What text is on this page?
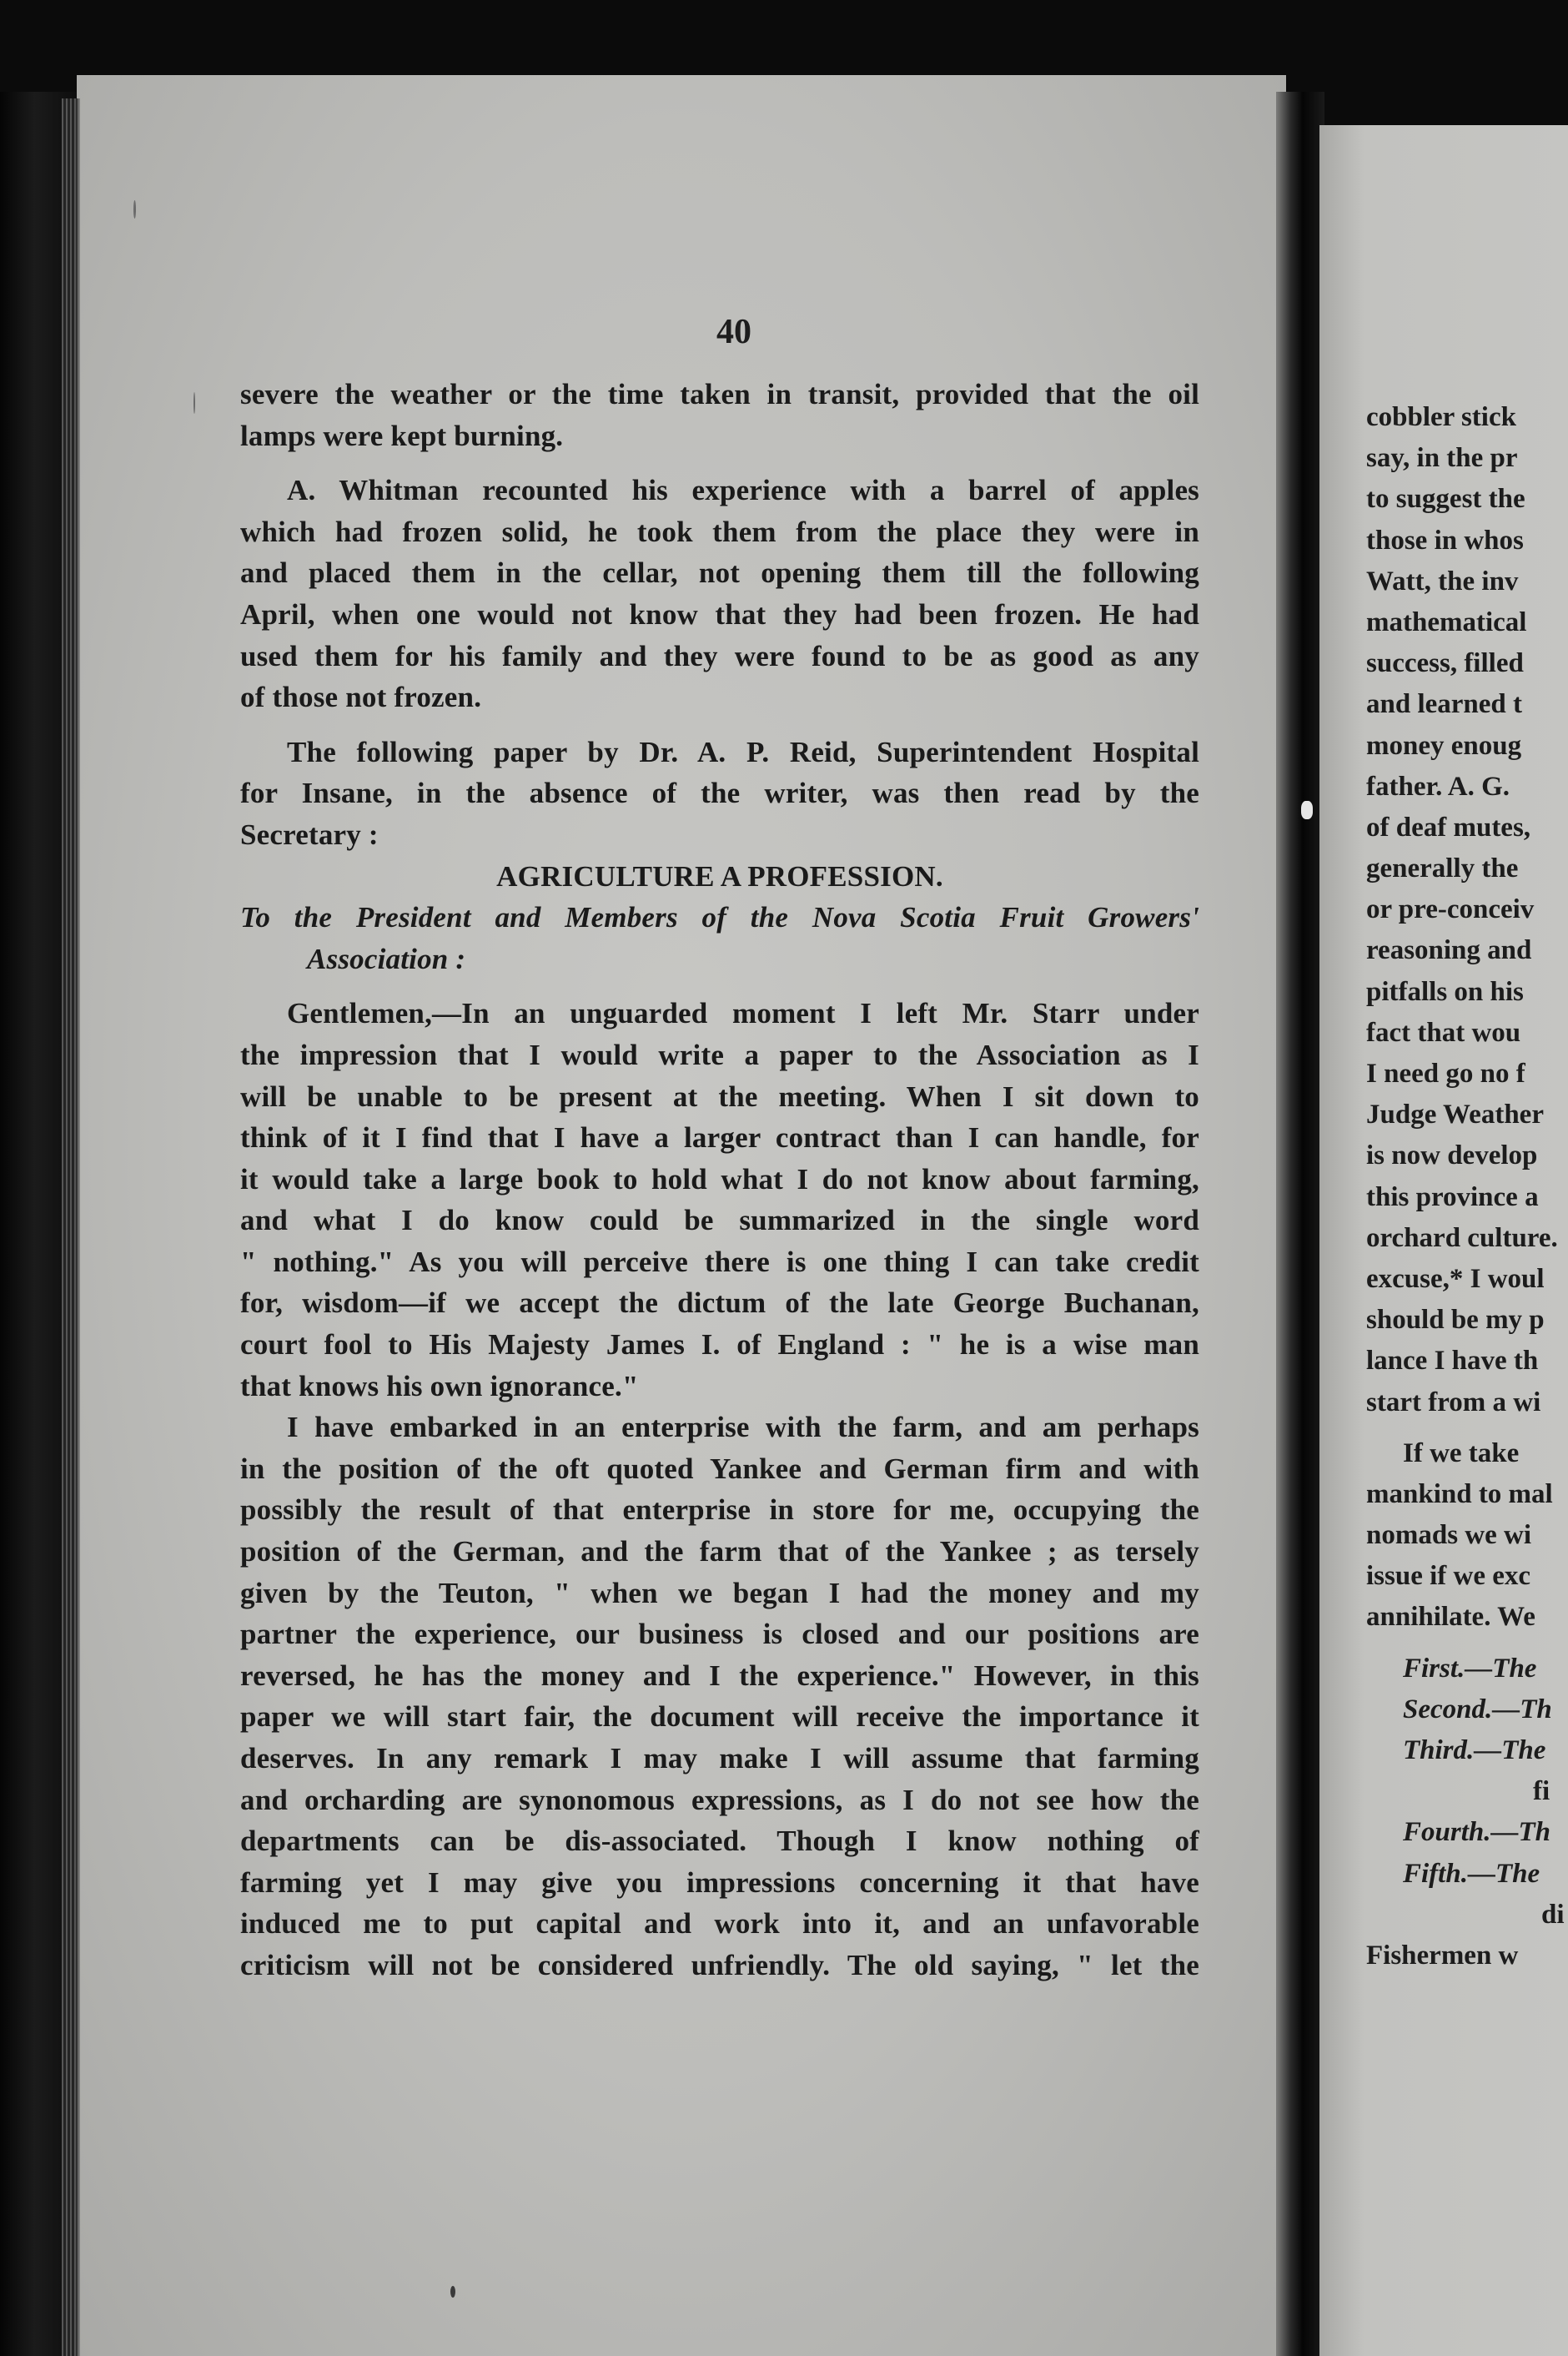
40
severe the weather or the time taken in transit, provided that the oil
lamps were kept burning.
A. Whitman recounted his experience with a barrel of apples
which had frozen solid, he took them from the place they were in
and placed them in the cellar, not opening them till the following
April, when one would not know that they had been frozen. He had
used them for his family and they were found to be as good as any
of those not frozen.
The following paper by Dr. A. P. Reid, Superintendent Hospital
for Insane, in the absence of the writer, was then read by the
Secretary :
AGRICULTURE A PROFESSION.
To the President and Members of the Nova Scotia Fruit Growers'
Association :
Gentlemen,—In an unguarded moment I left Mr. Starr under
the impression that I would write a paper to the Association as I
will be unable to be present at the meeting. When I sit down to
think of it I find that I have a larger contract than I can handle, for
it would take a large book to hold what I do not know about farming,
and what I do know could be summarized in the single word
" nothing." As you will perceive there is one thing I can take credit
for, wisdom—if we accept the dictum of the late George Buchanan,
court fool to His Majesty James I. of England : " he is a wise man
that knows his own ignorance."
I have embarked in an enterprise with the farm, and am perhaps
in the position of the oft quoted Yankee and German firm and with
possibly the result of that enterprise in store for me, occupying the
position of the German, and the farm that of the Yankee ; as tersely
given by the Teuton, " when we began I had the money and my
partner the experience, our business is closed and our positions are
reversed, he has the money and I the experience." However, in this
paper we will start fair, the document will receive the importance it
deserves. In any remark I may make I will assume that farming
and orcharding are synonomous expressions, as I do not see how the
departments can be dis-associated. Though I know nothing of
farming yet I may give you impressions concerning it that have
induced me to put capital and work into it, and an unfavorable
criticism will not be considered unfriendly. The old saying, " let the
cobbler stick
say, in the pr
to suggest the
those in whos
Watt, the inv
mathematical
success, filled
and learned t
money enoug
father. A. G.
of deaf mutes,
generally the
or pre-conceiv
reasoning and
pitfalls on his
fact that wou
I need go no f
Judge Weather
is now develop
this province a
orchard culture.
excuse,* I woul
should be my p
lance I have th
start from a wi
If we take
mankind to mal
nomads we wi
issue if we exc
annihilate. We
First.—The
Second.—Th
Third.—The
fi
Fourth.—Th
Fifth.—The
di
Fishermen w
